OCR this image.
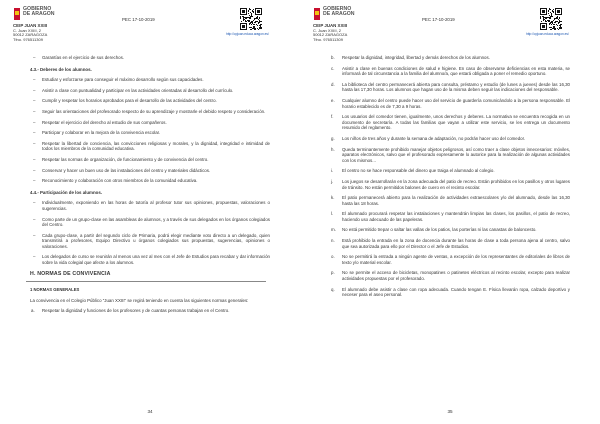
GOBIERNO
DE ARAGON
CEIP JUAN XXIII
C. Juan XXIII, 2
50012 ZARAGOZA
Tfno. 976511309
PEC 17-10-2019
http://cpjuan.educa.aragon.es/
– Garantías en el ejercicio de sus derechos.
4.3.- Deberes de los alumnos.
– Estudiar y esforzarse para conseguir el máximo desarrollo según sus capacidades.
– Asistir a clase con puntualidad y participar en las actividades orientadas al desarrollo del currículo.
– Cumplir y respetar los horarios aprobados para el desarrollo de las actividades del centro.
– Seguir las orientaciones del profesorado respecto de su aprendizaje y mostrarle el debido respeto y consideración.
– Respetar el ejercicio del derecho al estudio de sus compañeros.
– Participar y colaborar en la mejora de la convivencia escolar.
– Respetar la libertad de conciencia, las convicciones religiosas y morales, y la dignidad, integridad e intimidad de todos los miembros de la comunidad educativa.
– Respetar las normas de organización, de funcionamiento y de convivencia del centro.
– Conservar y hacer un buen uso de las instalaciones del centro y materiales didácticos.
– Reconocimiento y colaboración con otros miembros de la comunidad educativa.
4.4.- Participación de los alumnos.
– Individualmente, exponiendo en las horas de tutoría al profesor tutor sus opiniones, propuestas, valoraciones o sugerencias.
– Como parte de un grupo-clase en las asambleas de alumnos, y a través de sus delegados en los órganos colegiados del Centro.
– Cada grupo-clase, a partir del segundo ciclo de Primaria, podrá elegir mediante voto directo a un delegado, quien transmitirá a profesores, Equipo Directivo u órganos colegiados sus propuestas, sugerencias, opiniones o valoraciones.
– Los delegados de curso se reunirán al menos una vez al mes con el Jefe de Estudios para recabar y dar información sobre la vida colegial que afecte a los alumnos.
H. NORMAS DE CONVIVENCIA
1 NORMAS GENERALES
La convivencia en el Colegio Público "Juan XXIII" se regirá teniendo en cuenta las siguientes normas generales:
a. Respetar la dignidad y funciones de los profesores y de cuantas personas trabajan en el Centro.
34
GOBIERNO
DE ARAGON
CEIP JUAN XXIII
C. Juan XXIII, 2
50012 ZARAGOZA
Tfno. 976511309
PEC 17-10-2019
http://cpjuan.educa.aragon.es/
b. Respetar la dignidad, integridad, libertad y demás derechos de los alumnos.
c. Asistir a clase en buenas condiciones de salud e higiene. En caso de observarse deficiencias en esta materia, se informará de tal circunstancia a la familia del alumno/a, que estará obligada a poner el remedio oportuno.
d. La biblioteca del centro permanecerá abierta para consulta, préstamo y estudio (de lunes a jueves) desde las 16,30 hasta las 17,30 horas. Los alumnos que hagan uso de la misma deben seguir las indicaciones del responsable.
e. Cualquier alumno del centro puede hacer uso del servicio de guardería comunicándolo a la persona responsable. El horario establecido es de 7,30 a 9 horas.
f. Los usuarios del comedor tienen, igualmente, unos derechos y deberes. La normativa se encuentra recogida en un documento de secretaría. A todas las familias que vayan a utilizar este servicio, se les entrega un documento resumido del reglamento.
g. Los niños de tres años y durante la semana de adaptación, no podrán hacer uso del comedor.
h. Queda terminantemente prohibido manejar objetos peligrosos, así como traer a clase objetos innecesarios: móviles, aparatos electrónicos, salvo que el profesorado expresamente lo autorice para la realización de algunas actividades con los mismos...
i. El centro no se hace responsable del dinero que traiga el alumnado al colegio.
j. Los juegos se desarrollarán en la zona adecuada del patio de recreo. Están prohibidos en los pasillos y otros lugares de tránsito. No están permitidos balones de cuero en el recinto escolar.
k. El patio permanecerá abierto para la realización de actividades extraescolares y/o del alumnado, desde las 16,30 hasta las 18 horas.
l. El alumnado procurará respetar las instalaciones y mantendrán limpias las clases, los pasillos, el patio de recreo, haciendo uso adecuado de las papeleras.
m. No está permitido trepar o saltar las vallas de los patios, las porterías ni las canastas de baloncesto.
n. Está prohibido la entrada en la zona de docencia durante las horas de clase a toda persona ajena al centro, salvo que sea autorizada para ello por el Director o el Jefe de Estudios.
o. No se permitirá la entrada a ningún agente de ventas, a excepción de los representantes de editoriales de libros de texto y/o material escolar.
p. No se permite el acceso de bicicletas, monopatines o patinetes eléctricos al recinto escolar, excepto para realizar actividades propuestas por el profesorado.
q. El alumnado debe asistir a clase con ropa adecuada. Cuando tengan E. Física llevarán ropa, calzado deportivo y neceser para el aseo personal.
35
